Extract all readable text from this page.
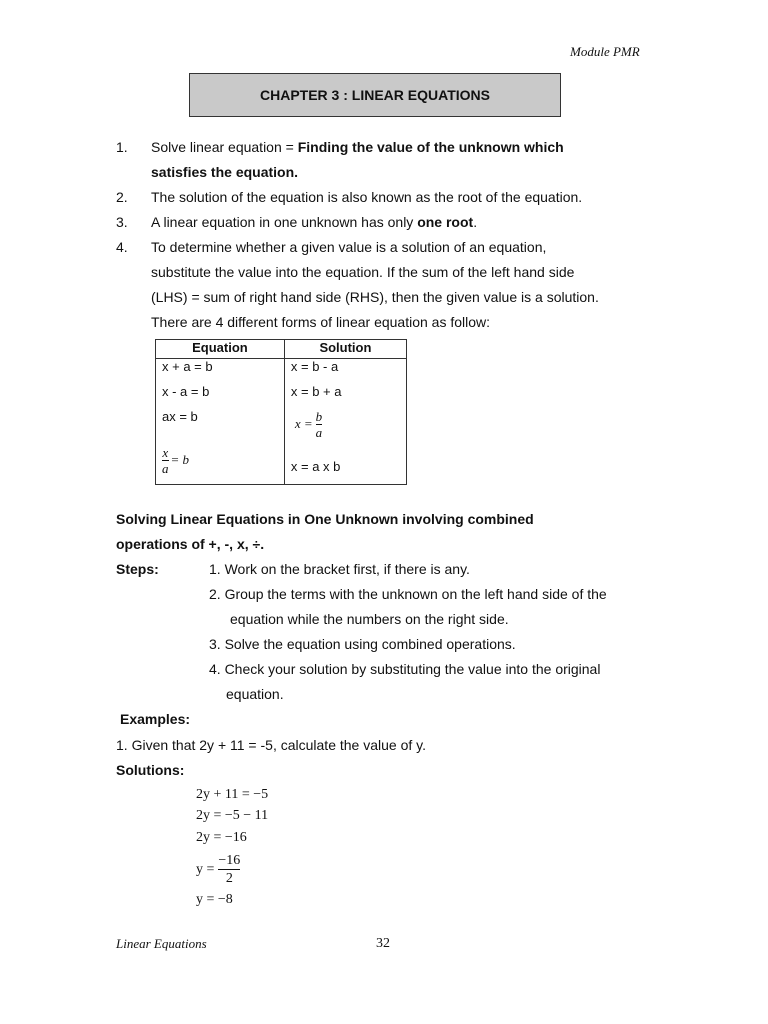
Module PMR
CHAPTER 3 : LINEAR EQUATIONS
1. Solve linear equation = Finding the value of the unknown which
satisfies the equation.
2. The solution of the equation is also known as the root of the equation.
3. A linear equation in one unknown has only one root.
4. To determine whether a given value is a solution of an equation,
substitute the value into the equation. If the sum of the left hand side
(LHS) = sum of right hand side (RHS), then the given value is a solution.
There are 4 different forms of linear equation as follow:
Equation	Solution
x + a = b	x = b - a
x - a = b	x = b + a
ax = b	$x = \frac{b}{a}$

$\frac{x}{a} = b$	x = a x b
Solving Linear Equations in One Unknown involving combined
operations of +, -, x, ÷.
Steps:	1. Work on the bracket first, if there is any.
2. Group the terms with the unknown on the left hand side of the
equation while the numbers on the right side.
3. Solve the equation using combined operations.
4. Check your solution by substituting the value into the original
equation.
Examples:
1. Given that 2y + 11 = -5, calculate the value of y.
Solutions:
2y + 11 = −5
2y = −5 − 11
2y = −16
$y = \frac{-16}{2}$
y = −8
Linear Equations	32
